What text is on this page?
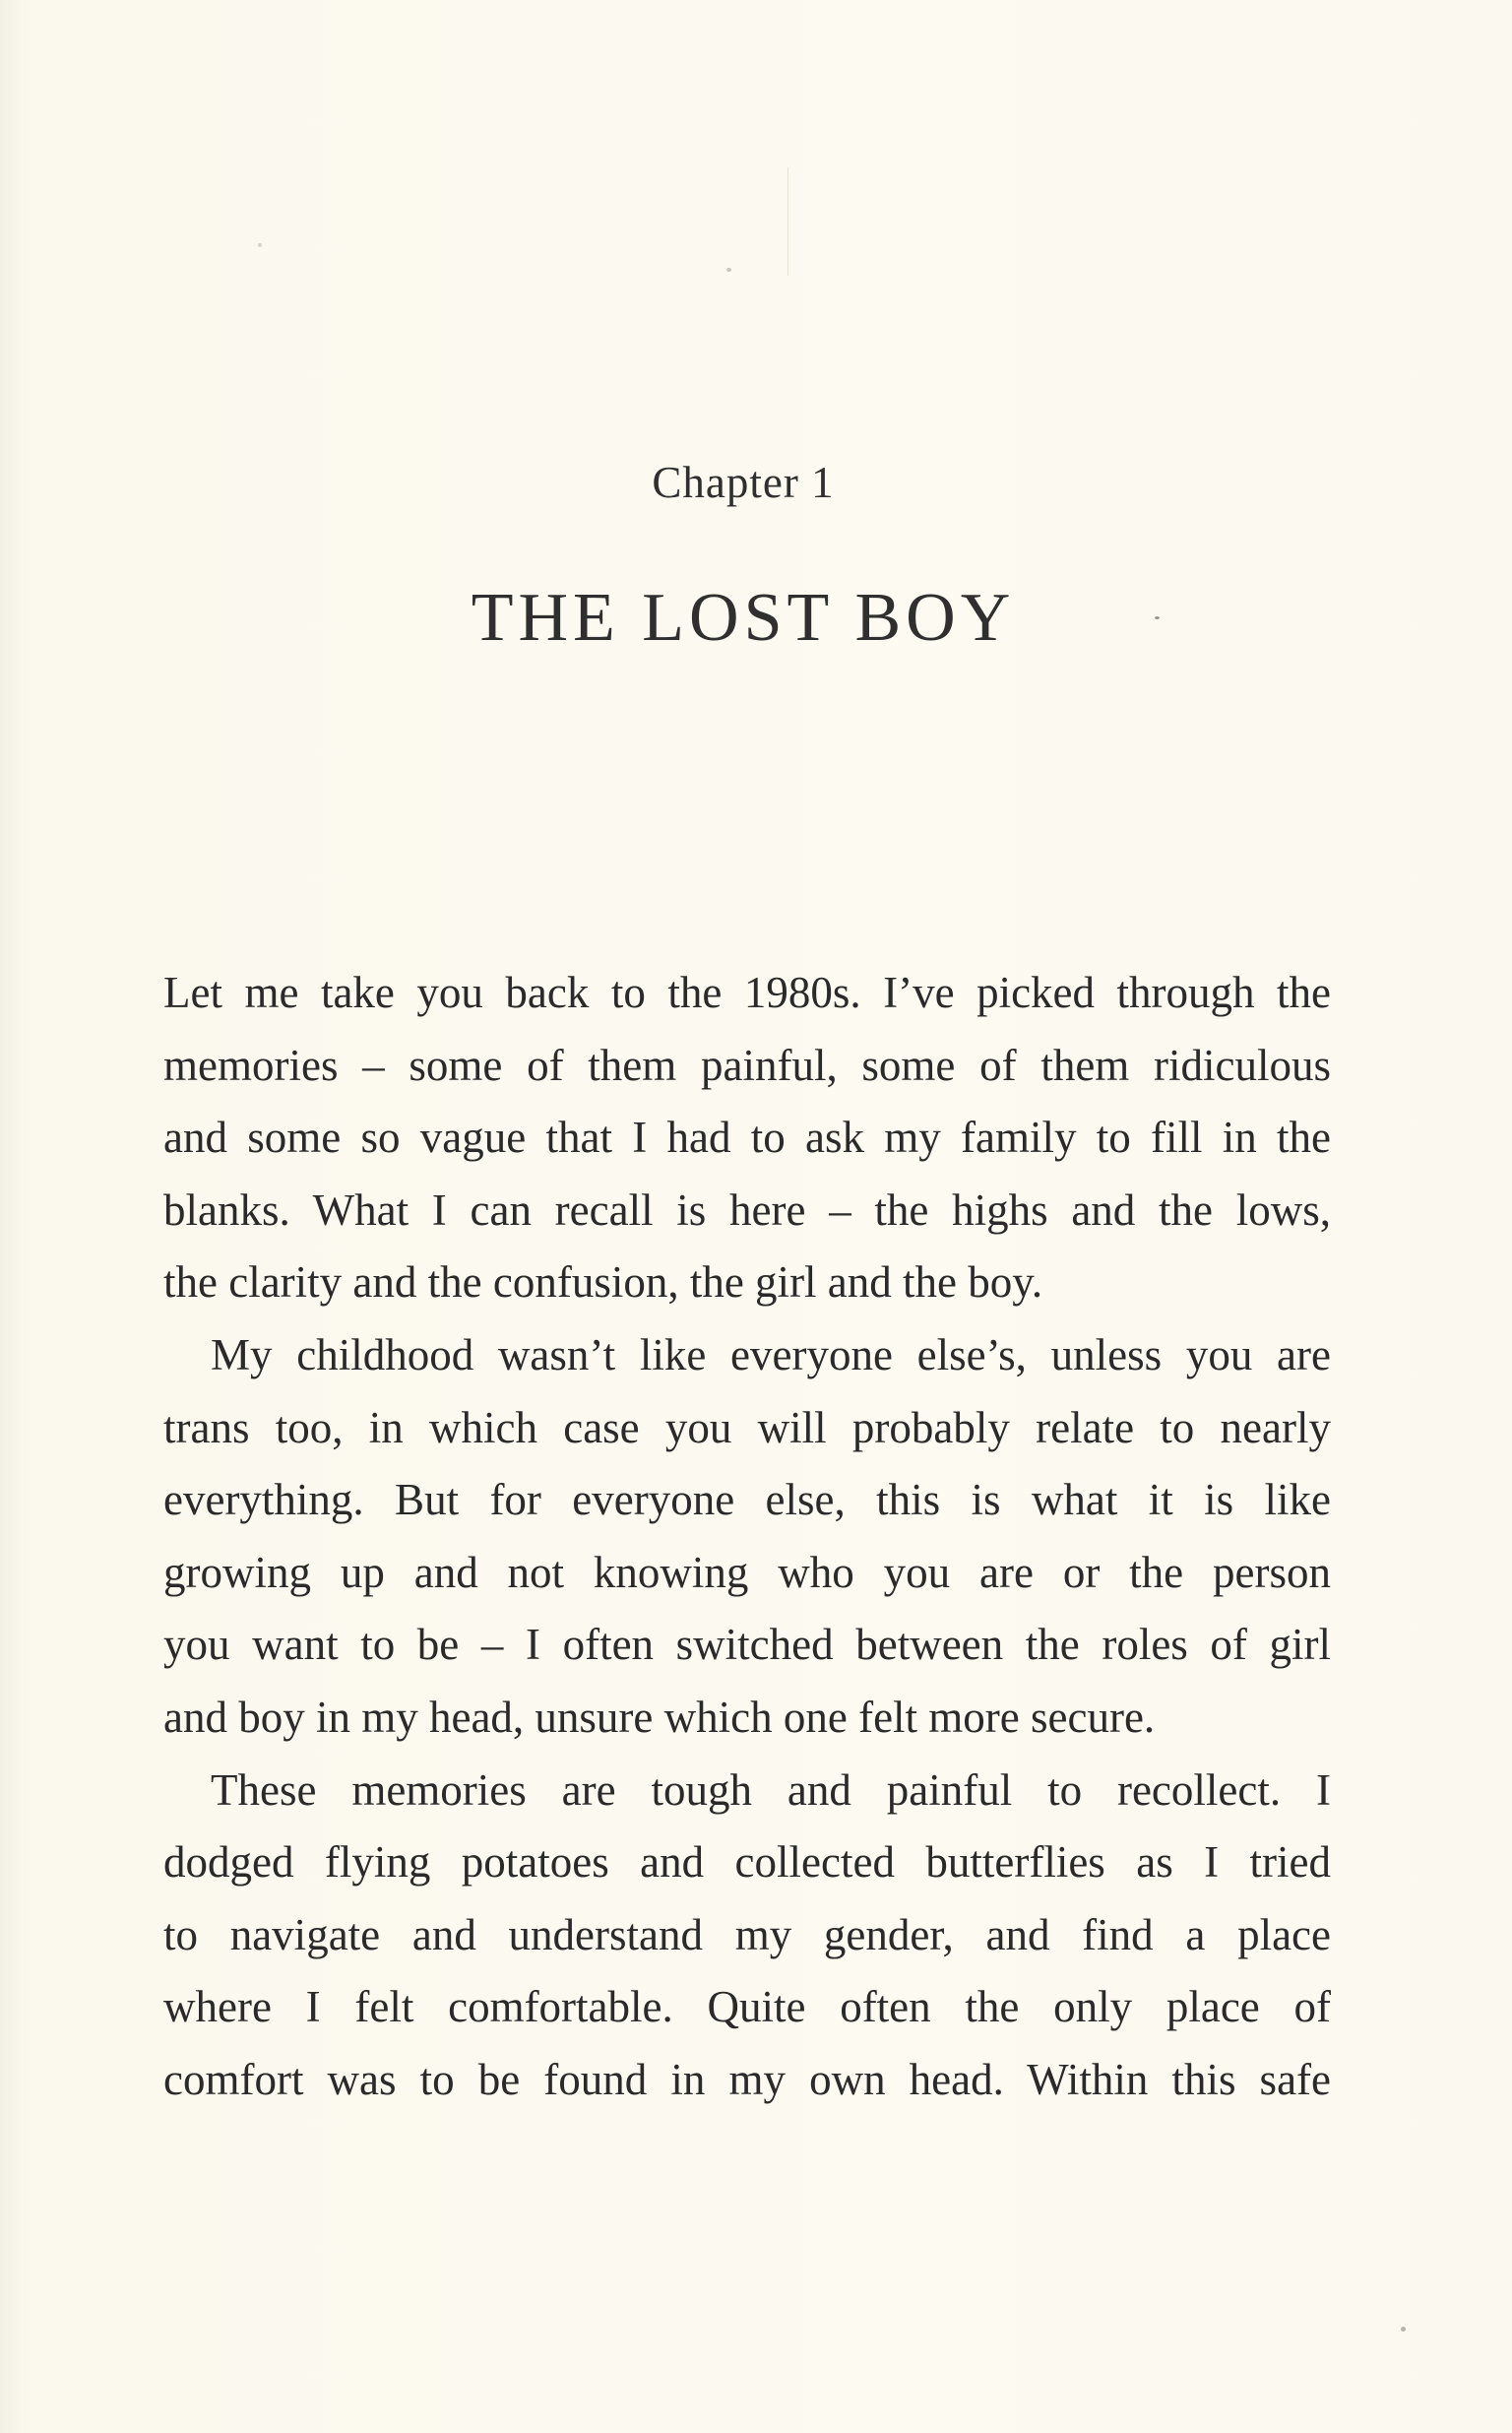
Chapter 1
THE LOST BOY

Let me take you back to the 1980s. I’ve picked through the
memories – some of them painful, some of them ridiculous
and some so vague that I had to ask my family to fill in the
blanks. What I can recall is here – the highs and the lows,
the clarity and the confusion, the girl and the boy.

My childhood wasn’t like everyone else’s, unless you are
trans too, in which case you will probably relate to nearly
everything. But for everyone else, this is what it is like
growing up and not knowing who you are or the person
you want to be – I often switched between the roles of girl
and boy in my head, unsure which one felt more secure.

These memories are tough and painful to recollect. I
dodged flying potatoes and collected butterflies as I tried
to navigate and understand my gender, and find a place
where I felt comfortable. Quite often the only place of
comfort was to be found in my own head. Within this safe
